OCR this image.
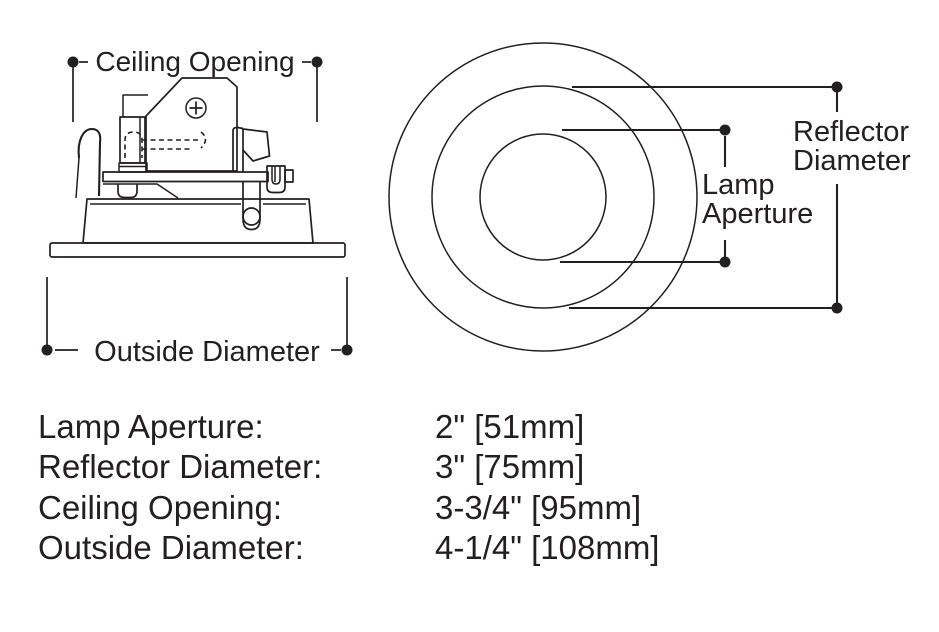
Ceiling Opening
Outside Diameter
Reflector
Diameter
Lamp
Aperture
Lamp Aperture:	2" [51mm]
Reflector Diameter:	3" [75mm]
Ceiling Opening:	3-3/4" [95mm]
Outside Diameter:	4-1/4" [108mm]
